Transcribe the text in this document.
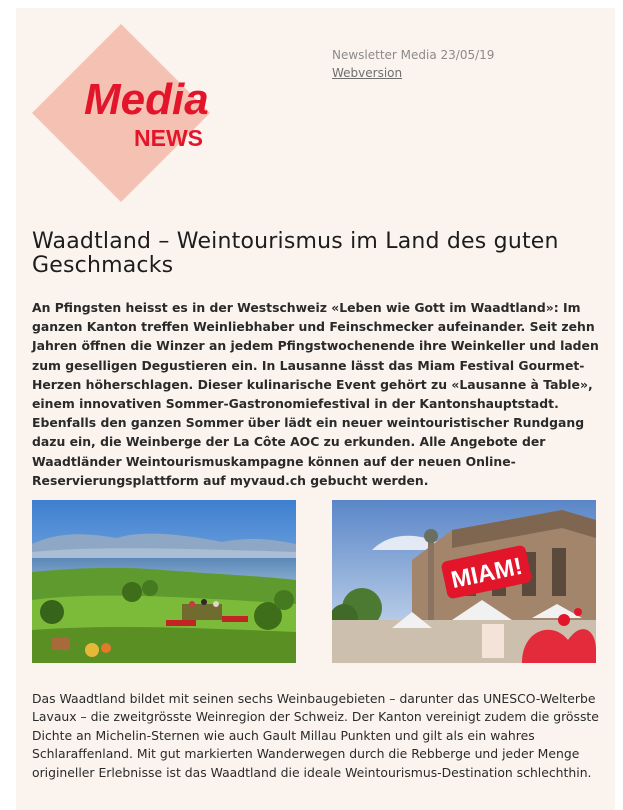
Media
NEWS
Newsletter Media 23/05/19
Webversion
Waadtland – Weintourismus im Land des guten Geschmacks

An Pfingsten heisst es in der Westschweiz «Leben wie Gott im Waadtland»: Im ganzen Kanton treffen Weinliebhaber und Feinschmecker aufeinander. Seit zehn Jahren öffnen die Winzer an jedem Pfingstwochenende ihre Weinkeller und laden zum geselligen Degustieren ein. In Lausanne lässt das Miam Festival Gourmet-Herzen höherschlagen. Dieser kulinarische Event gehört zu «Lausanne à Table», einem innovativen Sommer-Gastronomiefestival in der Kantonshauptstadt. Ebenfalls den ganzen Sommer über lädt ein neuer weintouristischer Rundgang dazu ein, die Weinberge der La Côte AOC zu erkunden. Alle Angebote der Waadtländer Weintourismuskampagne können auf der neuen Online-Reservierungsplattform auf myvaud.ch gebucht werden.

MIAM!

Das Waadtland bildet mit seinen sechs Weinbaugebieten – darunter das UNESCO-Welterbe Lavaux – die zweitgrösste Weinregion der Schweiz. Der Kanton vereinigt zudem die grösste Dichte an Michelin-Sternen wie auch Gault Millau Punkten und gilt als ein wahres Schlaraffenland. Mit gut markierten Wanderwegen durch die Rebberge und jeder Menge origineller Erlebnisse ist das Waadtland die ideale Weintourismus-Destination schlechthin.
